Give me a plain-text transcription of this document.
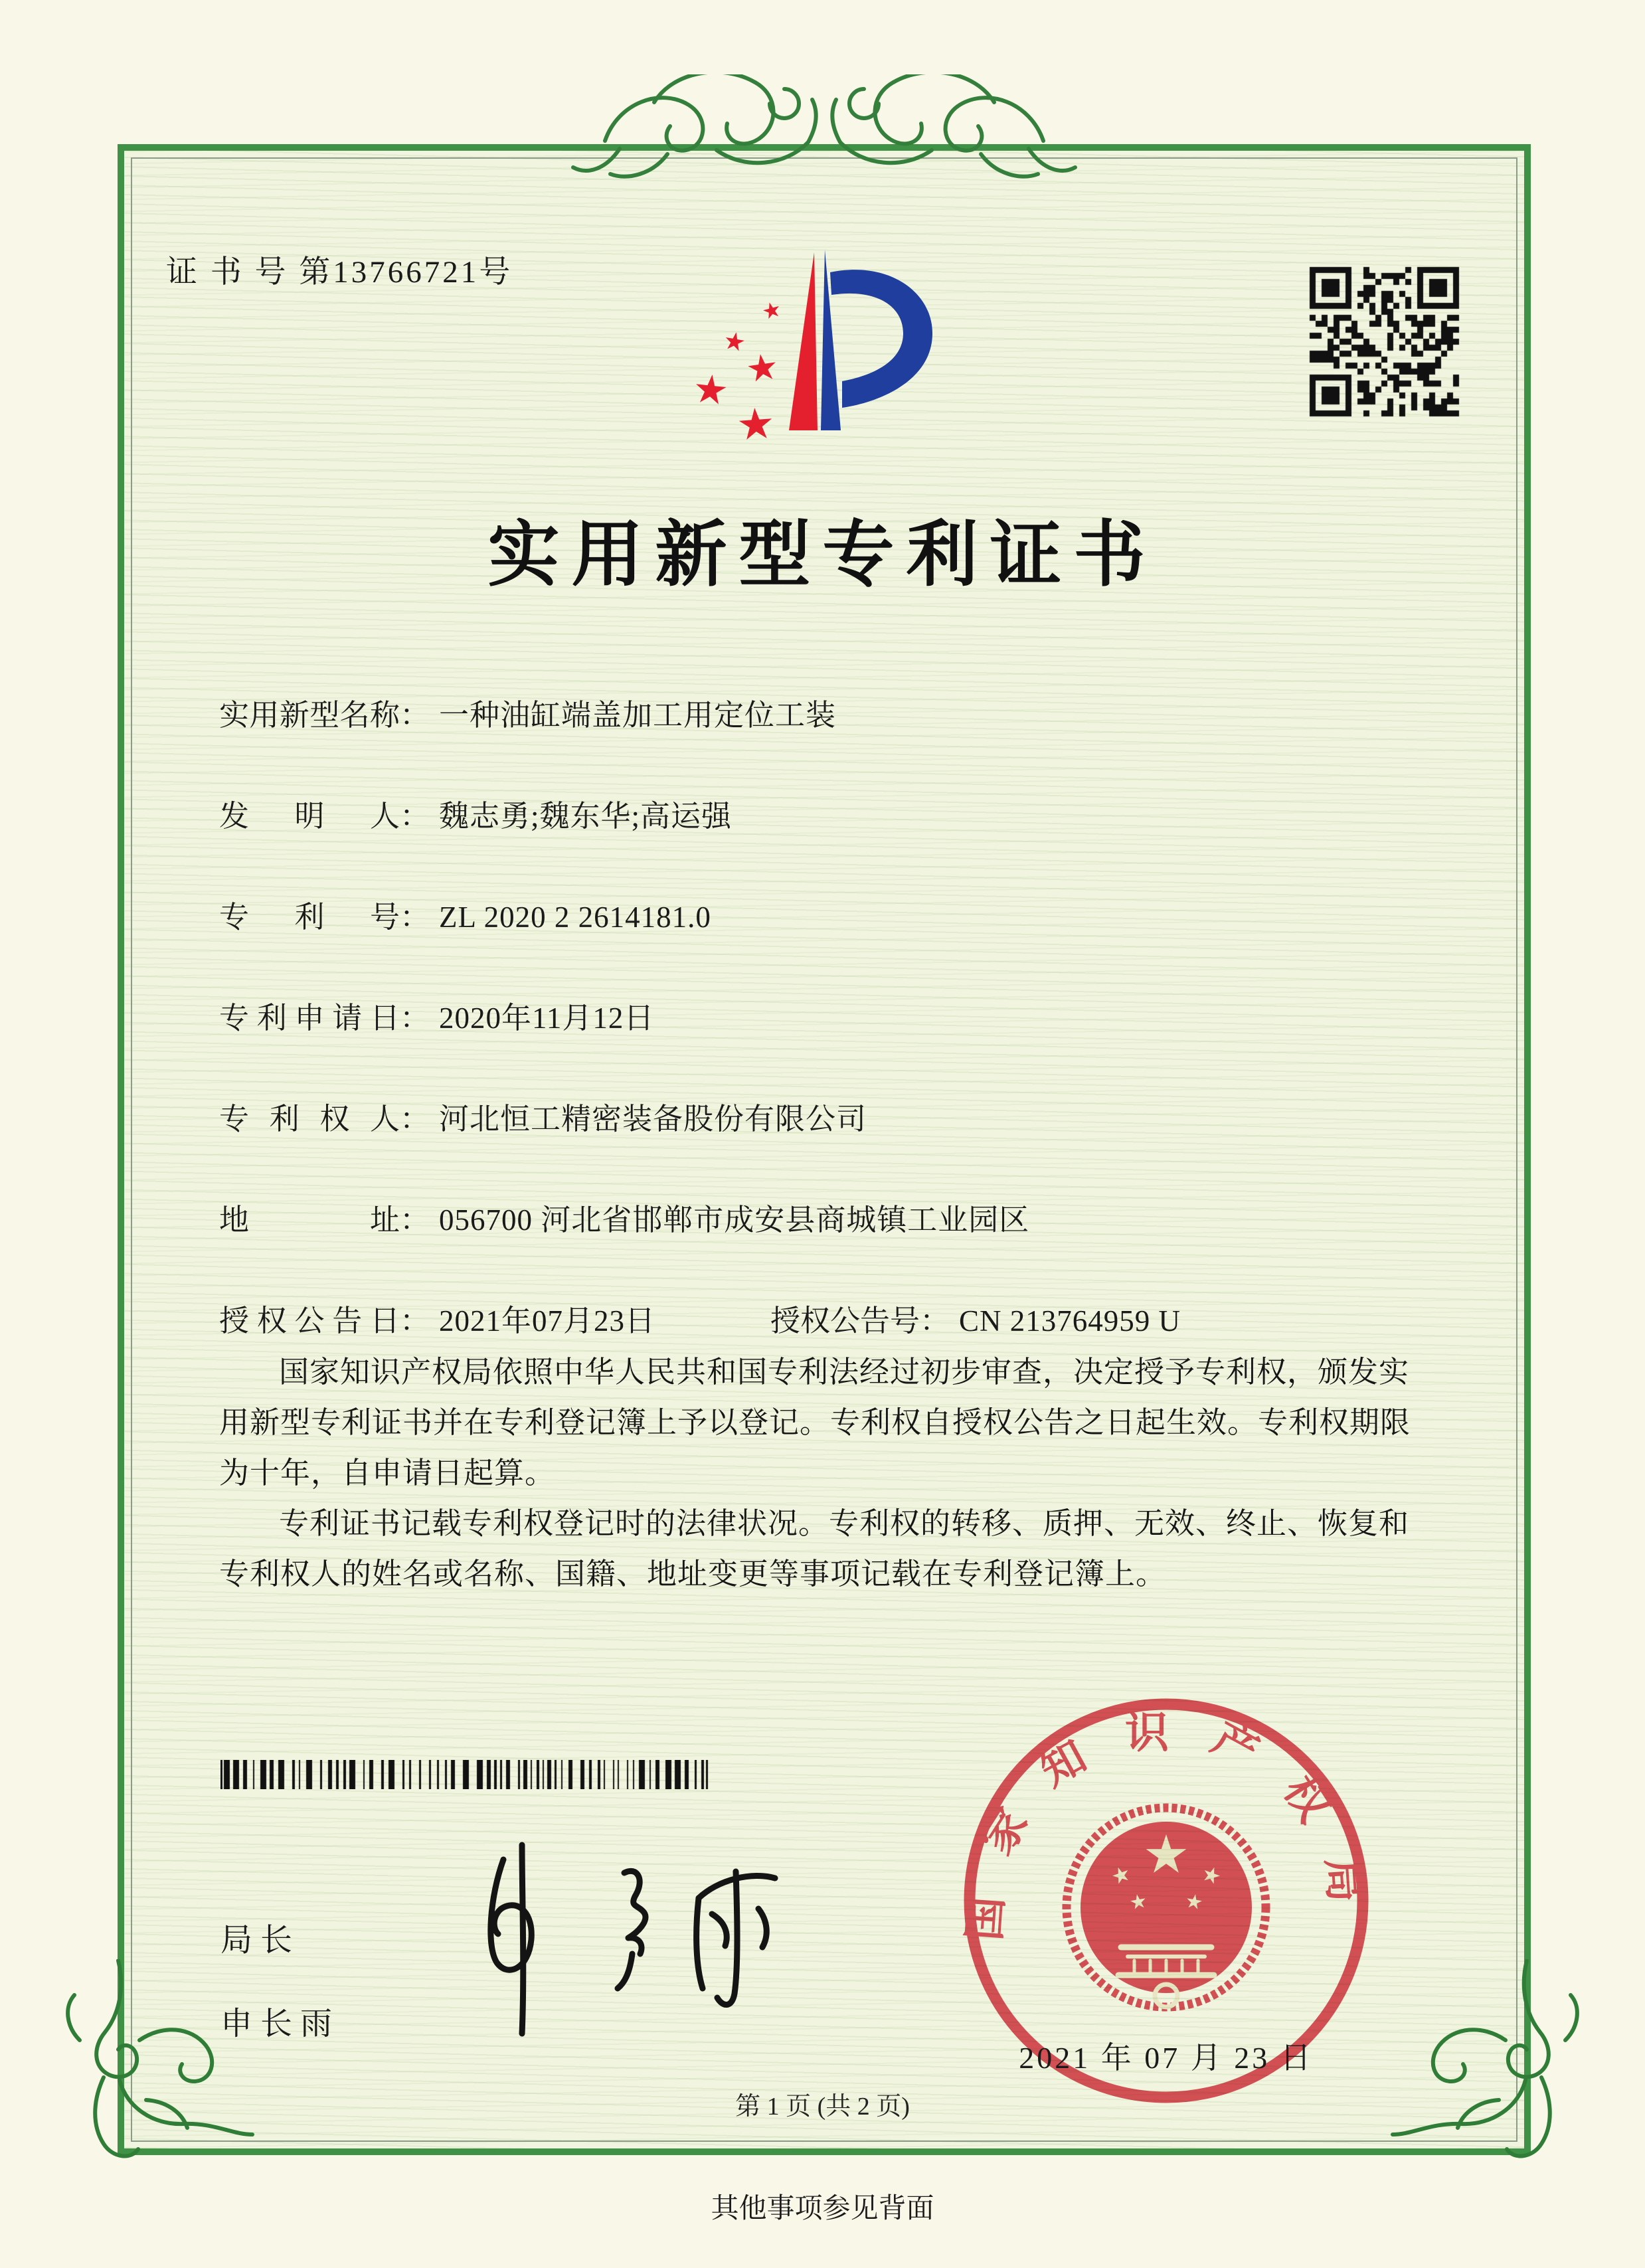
证 书 号 第13766721号
实用新型专利证书
实用新型名称： 一种油缸端盖加工用定位工装
发明人： 魏志勇;魏东华;高运强
专利号： ZL 2020 2 2614181.0
专利申请日： 2020年11月12日
专利权人： 河北恒工精密装备股份有限公司
地址： 056700 河北省邯郸市成安县商城镇工业园区
授权公告日： 2021年07月23日	授权公告号： CN 213764959 U

国家知识产权局依照中华人民共和国专利法经过初步审查，决定授予专利权，颁发实用新型专利证书并在专利登记簿上予以登记。专利权自授权公告之日起生效。专利权期限为十年，自申请日起算。

专利证书记载专利权登记时的法律状况。专利权的转移、质押、无效、终止、恢复和专利权人的姓名或名称、国籍、地址变更等事项记载在专利登记簿上。

局长
申长雨
国家知识产权局
2021 年 07 月 23 日
第 1 页 (共 2 页)
其他事项参见背面
